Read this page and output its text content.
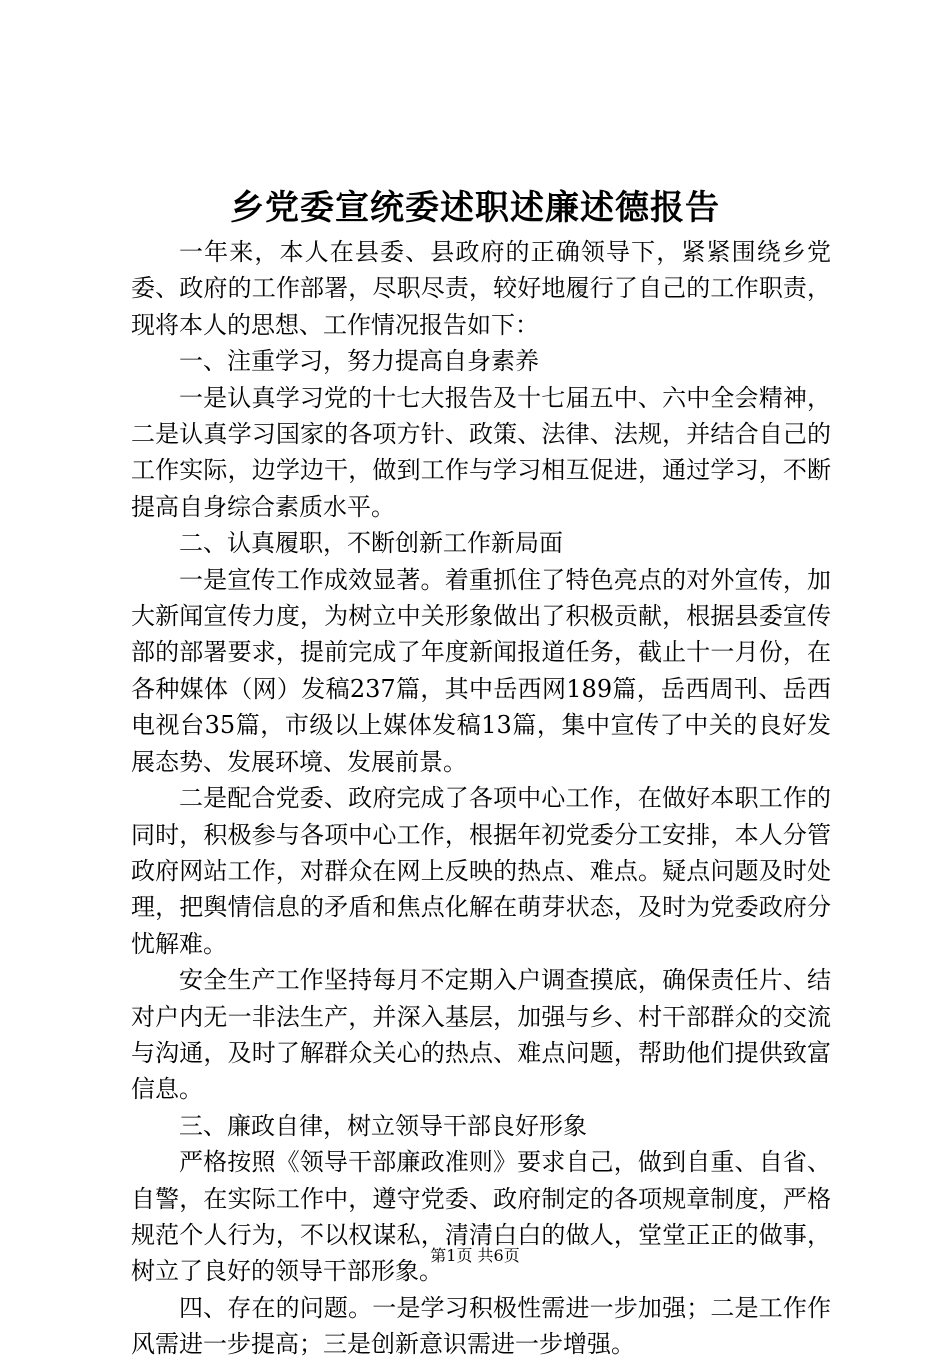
乡党委宣统委述职述廉述德报告

一年来，本人在县委、县政府的正确领导下，紧紧围绕乡党委、政府的工作部署，尽职尽责，较好地履行了自己的工作职责，现将本人的思想、工作情况报告如下：

一、注重学习，努力提高自身素养

一是认真学习党的十七大报告及十七届五中、六中全会精神，二是认真学习国家的各项方针、政策、法律、法规，并结合自己的工作实际，边学边干，做到工作与学习相互促进，通过学习，不断提高自身综合素质水平。

二、认真履职，不断创新工作新局面

一是宣传工作成效显著。着重抓住了特色亮点的对外宣传，加大新闻宣传力度，为树立中关形象做出了积极贡献，根据县委宣传部的部署要求，提前完成了年度新闻报道任务，截止十一月份，在各种媒体（网）发稿237篇，其中岳西网189篇，岳西周刊、岳西电视台35篇，市级以上媒体发稿13篇，集中宣传了中关的良好发展态势、发展环境、发展前景。

二是配合党委、政府完成了各项中心工作，在做好本职工作的同时，积极参与各项中心工作，根据年初党委分工安排，本人分管政府网站工作，对群众在网上反映的热点、难点。疑点问题及时处理，把舆情信息的矛盾和焦点化解在萌芽状态，及时为党委政府分忧解难。

安全生产工作坚持每月不定期入户调查摸底，确保责任片、结对户内无一非法生产，并深入基层，加强与乡、村干部群众的交流与沟通，及时了解群众关心的热点、难点问题，帮助他们提供致富信息。

三、廉政自律，树立领导干部良好形象

严格按照《领导干部廉政准则》要求自己，做到自重、自省、自警，在实际工作中，遵守党委、政府制定的各项规章制度，严格规范个人行为，不以权谋私，清清白白的做人，堂堂正正的做事，树立了良好的领导干部形象。

四、存在的问题。一是学习积极性需进一步加强；二是工作作风需进一步提高；三是创新意识需进一步增强。

第1页 共6页
